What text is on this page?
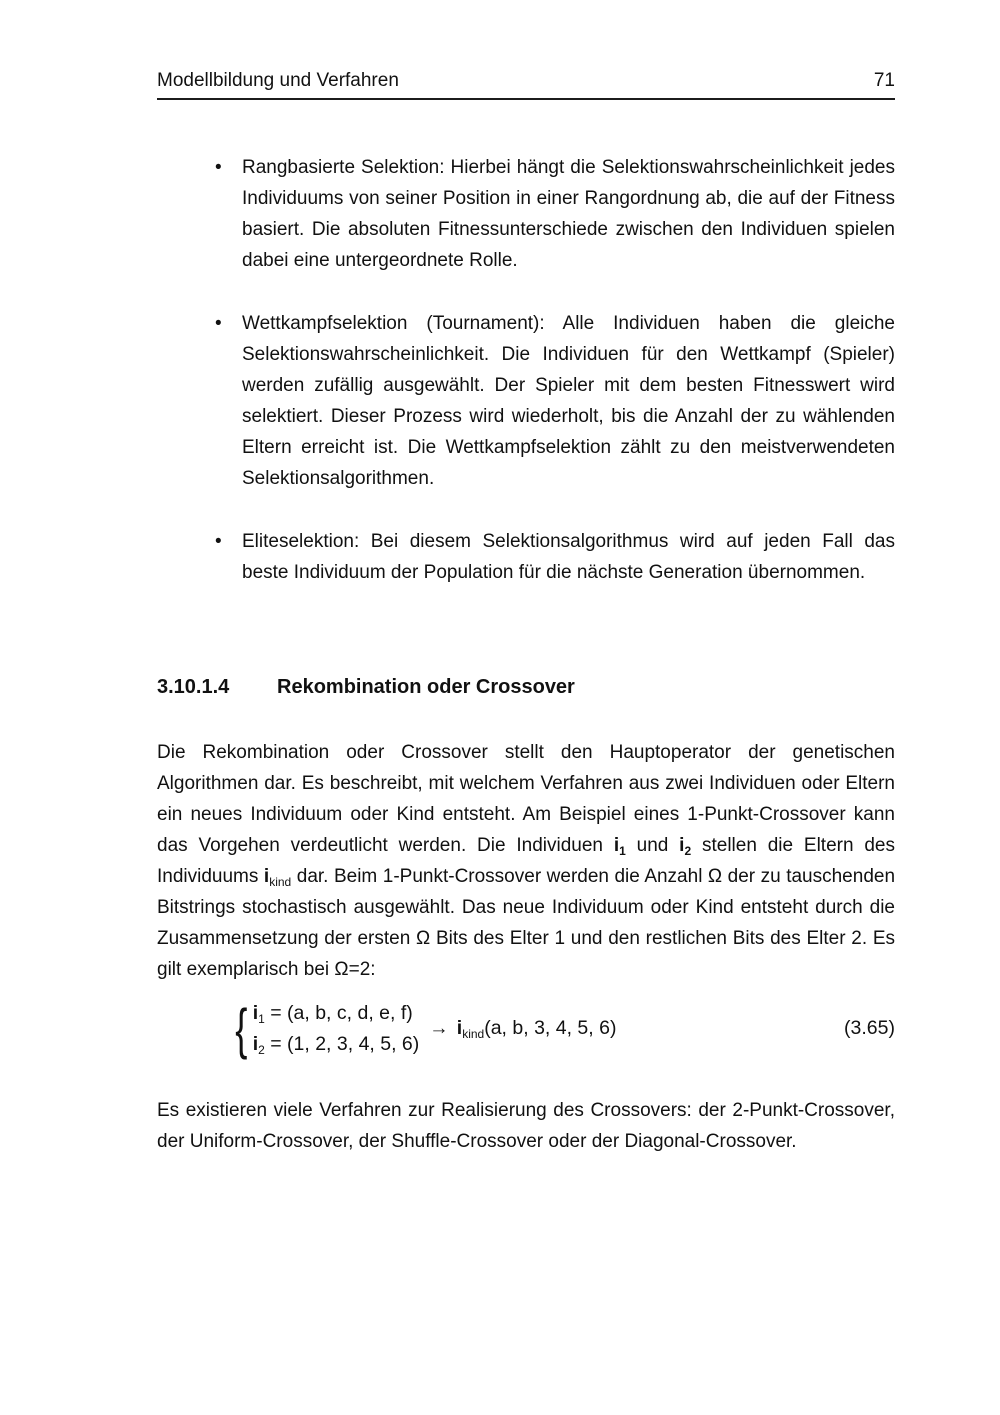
Modellbildung und Verfahren	71
•	Rangbasierte Selektion: Hierbei hängt die Selektionswahrscheinlichkeit jedes Individuums von seiner Position in einer Rangordnung ab, die auf der Fitness basiert. Die absoluten Fitnessunterschiede zwischen den Individuen spielen dabei eine untergeordnete Rolle.
•	Wettkampfselektion (Tournament): Alle Individuen haben die gleiche Selektionswahrscheinlichkeit. Die Individuen für den Wettkampf (Spieler) werden zufällig ausgewählt. Der Spieler mit dem besten Fitnesswert wird selektiert. Dieser Prozess wird wiederholt, bis die Anzahl der zu wählenden Eltern erreicht ist. Die Wettkampfselektion zählt zu den meistverwendeten Selektionsalgorithmen.
•	Eliteselektion: Bei diesem Selektionsalgorithmus wird auf jeden Fall das beste Individuum der Population für die nächste Generation übernommen.
3.10.1.4	Rekombination oder Crossover

Die Rekombination oder Crossover stellt den Hauptoperator der genetischen Algorithmen dar. Es beschreibt, mit welchem Verfahren aus zwei Individuen oder Eltern ein neues Individuum oder Kind entsteht. Am Beispiel eines 1-Punkt-Crossover kann das Vorgehen verdeutlicht werden. Die Individuen $i_1$ und $i_2$ stellen die Eltern des Individuums $i_{kind}$ dar. Beim 1-Punkt-Crossover werden die Anzahl Ω der zu tauschenden Bitstrings stochastisch ausgewählt. Das neue Individuum oder Kind entsteht durch die Zusammensetzung der ersten Ω Bits des Elter 1 und den restlichen Bits des Elter 2. Es gilt exemplarisch bei Ω=2:

{ $i_1 = (a$, b, c, d, e, f)
$i_2 = (1$, 2, 3, 4, 5, 6)
→ $i_{kind}(a$, b, 3, 4, 5, 6)	(3.65)

Es existieren viele Verfahren zur Realisierung des Crossovers: der 2-Punkt-Crossover, der Uniform-Crossover, der Shuffle-Crossover oder der Diagonal-Crossover.
